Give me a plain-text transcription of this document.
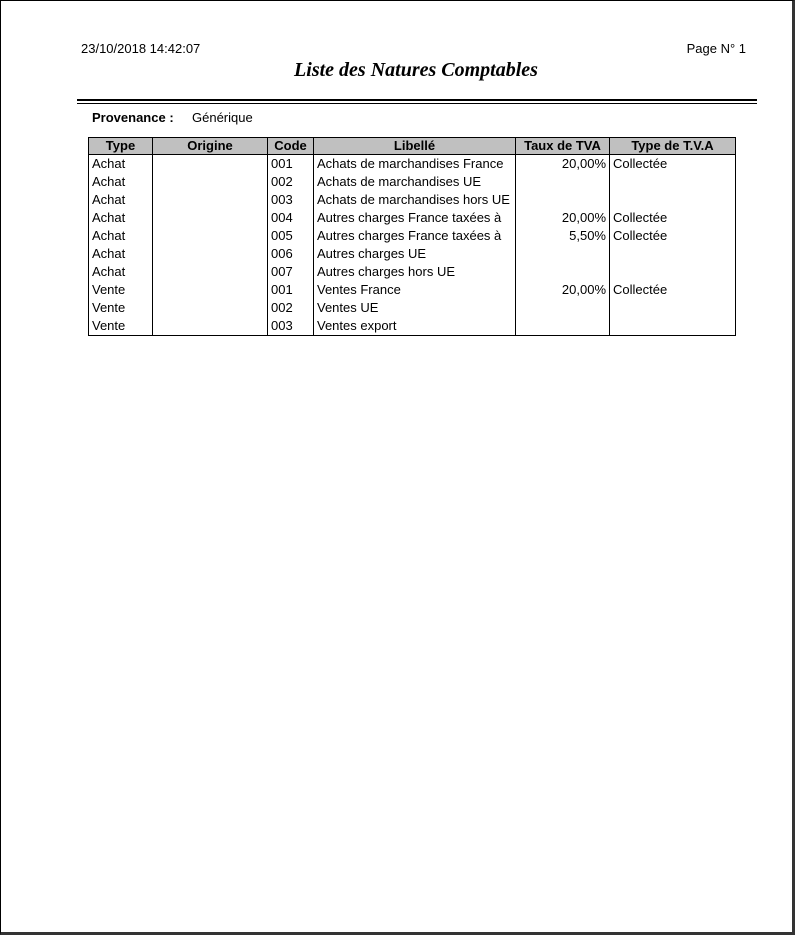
23/10/2018 14:42:07	Page N° 1
Liste des Natures Comptables
Provenance : Générique
Type	Origine	Code	Libellé	Taux de TVA	Type de T.V.A
Achat		001	Achats de marchandises France	20,00%	Collectée
Achat		002	Achats de marchandises UE		
Achat		003	Achats de marchandises hors UE		
Achat		004	Autres charges France taxées à	20,00%	Collectée
Achat		005	Autres charges France taxées à	5,50%	Collectée
Achat		006	Autres charges UE		
Achat		007	Autres charges hors UE		
Vente		001	Ventes France	20,00%	Collectée
Vente		002	Ventes UE		
Vente		003	Ventes export		
